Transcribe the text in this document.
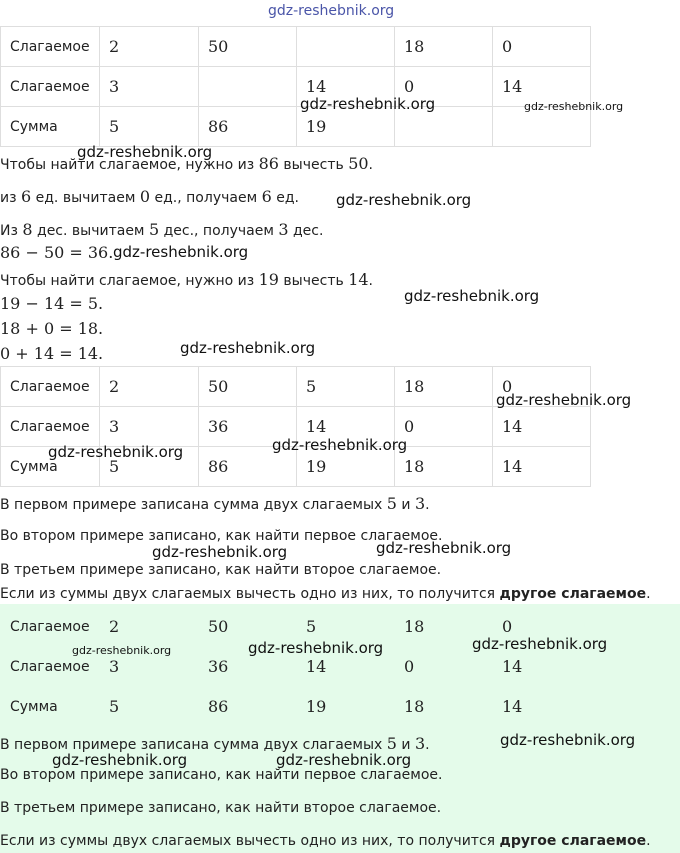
Слагаемое	2	50		18	0
Слагаемое	3		14	0	14
Сумма	5	86	19		
Чтобы найти слагаемое, нужно из 86 вычесть 50.
из 6 ед. вычитаем 0 ед., получаем 6 ед.
Из 8 дес. вычитаем 5 дес., получаем 3 дес.
86 − 50 = 36.
Чтобы найти слагаемое, нужно из 19 вычесть 14.
19 − 14 = 5.
18 + 0 = 18.
0 + 14 = 14.
Слагаемое	2	50	5	18	0
Слагаемое	3	36	14	0	14
Сумма	5	86	19	18	14
В первом примере записана сумма двух слагаемых 5 и 3.
Во втором примере записано, как найти первое слагаемое.
В третьем примере записано, как найти второе слагаемое.
Если из суммы двух слагаемых вычесть одно из них, то получится другое слагаемое.
Слагаемое	2	50	5	18	0
Слагаемое	3	36	14	0	14
Сумма	5	86	19	18	14
В первом примере записана сумма двух слагаемых 5 и 3.
Во втором примере записано, как найти первое слагаемое.
В третьем примере записано, как найти второе слагаемое.
Если из суммы двух слагаемых вычесть одно из них, то получится другое слагаемое.
gdz-reshebnik.org
gdz-reshebnik.org	gdz-reshebnik.org
gdz-reshebnik.org
gdz-reshebnik.org
gdz-reshebnik.org
gdz-reshebnik.org
gdz-reshebnik.org
gdz-reshebnik.org
gdz-reshebnik.org
gdz-reshebnik.org
gdz-reshebnik.org
gdz-reshebnik.org
gdz-reshebnik.org
gdz-reshebnik.org
gdz-reshebnik.org
gdz-reshebnik.org
gdz-reshebnik.org	gdz-reshebnik.org
